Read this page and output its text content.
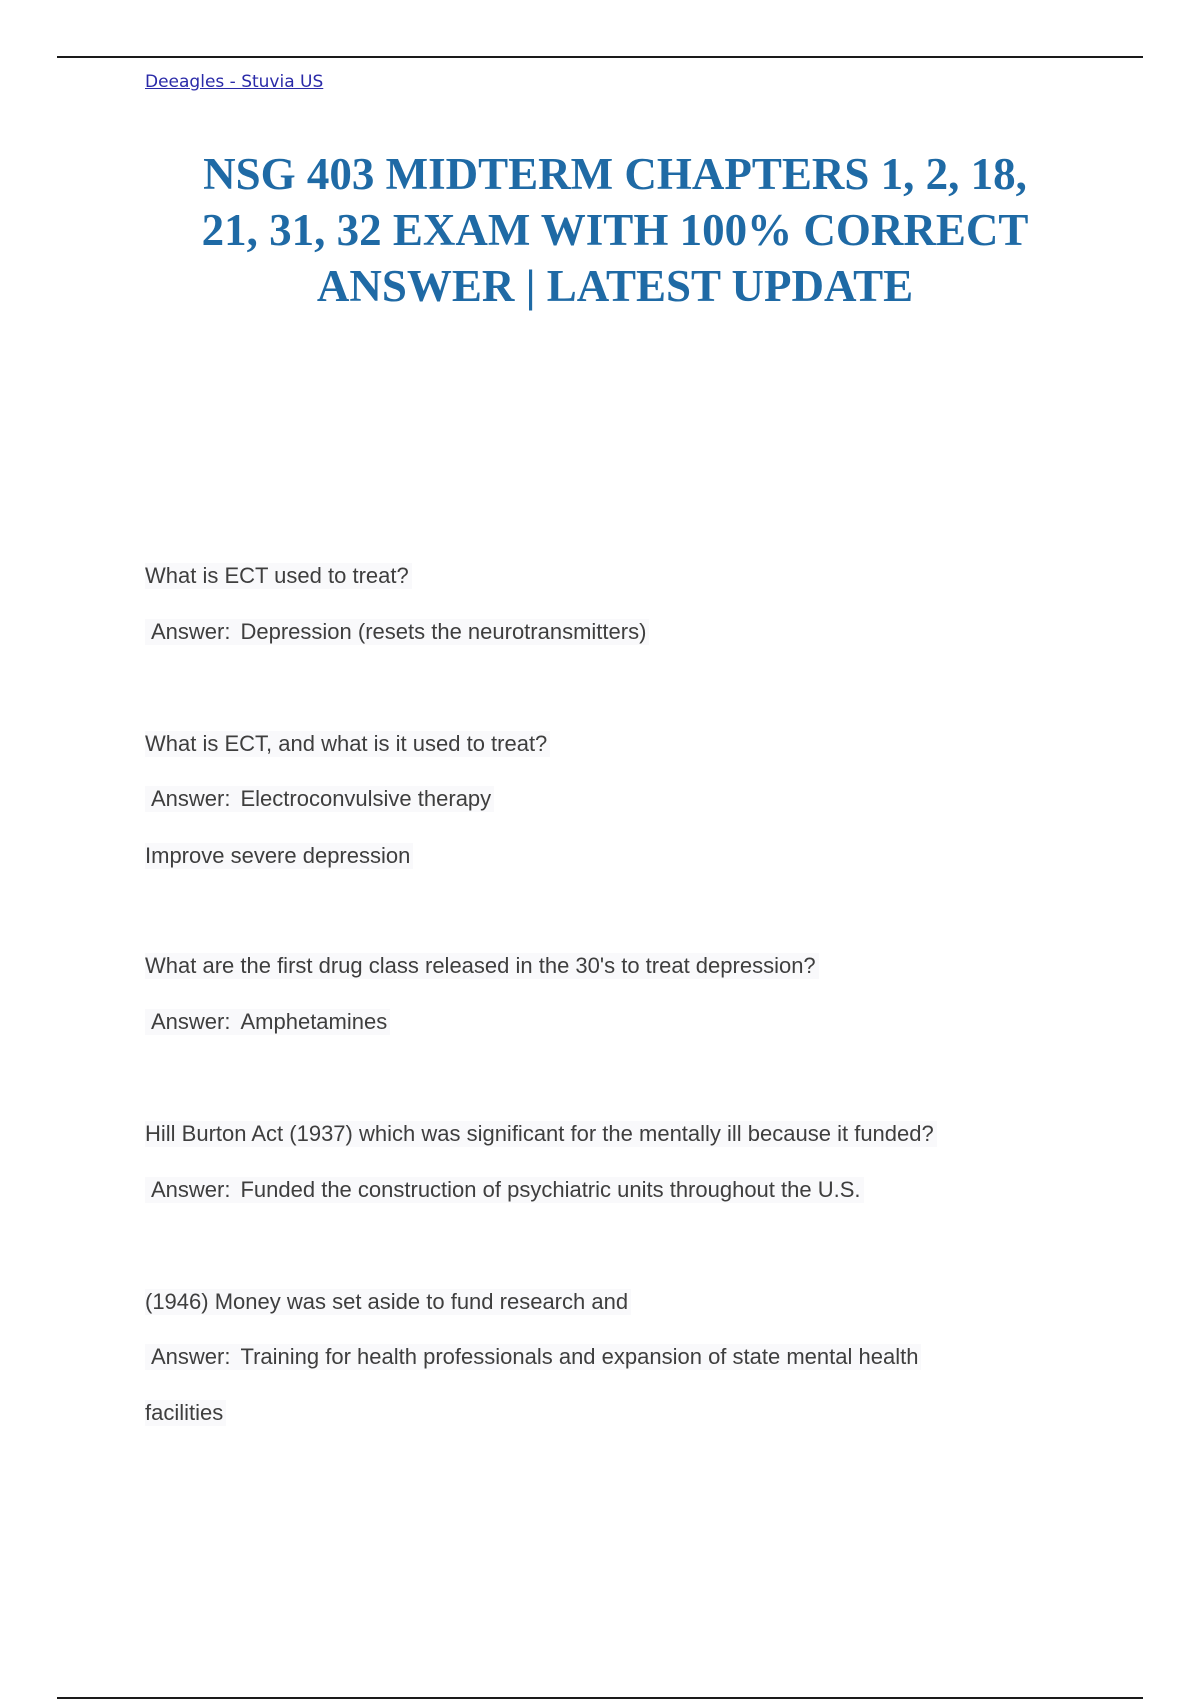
Deeagles - Stuvia US
NSG 403 MIDTERM CHAPTERS 1, 2, 18,
21, 31, 32 EXAM WITH 100% CORRECT
ANSWER | LATEST UPDATE
What is ECT used to treat?
Answer: Depression (resets the neurotransmitters)
What is ECT, and what is it used to treat?
Answer: Electroconvulsive therapy
Improve severe depression
What are the first drug class released in the 30's to treat depression?
Answer: Amphetamines
Hill Burton Act (1937) which was significant for the mentally ill because it funded?
Answer: Funded the construction of psychiatric units throughout the U.S.
(1946) Money was set aside to fund research and
Answer: Training for health professionals and expansion of state mental health
facilities
